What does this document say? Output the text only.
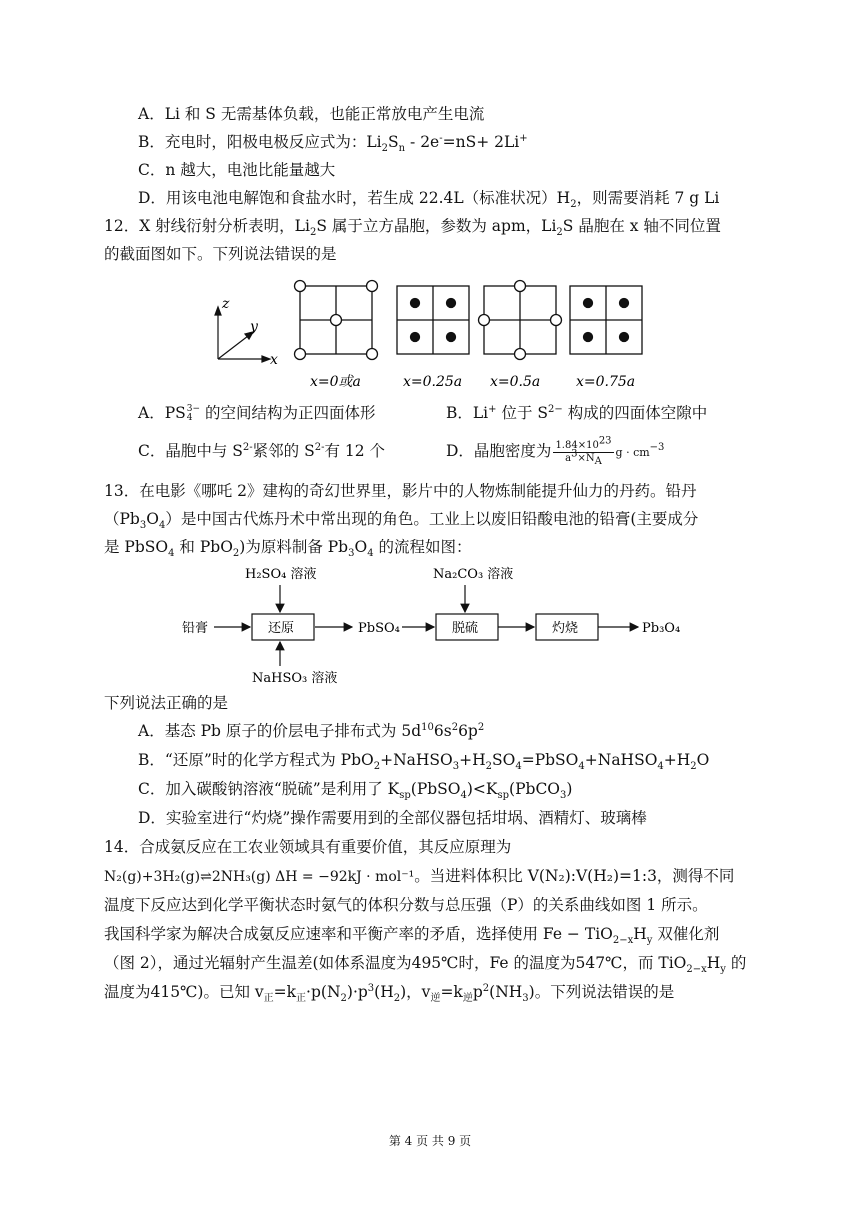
A．Li 和 S 无需基体负载，也能正常放电产生电流
B．充电时，阳极电极反应式为：$Li_2S_n - 2e^-=nS+ 2Li^+$
C．n 越大，电池比能量越大
D．用该电池电解饱和食盐水时，若生成 22.4L（标准状况）$H_2$，则需要消耗 7 g Li
12．X 射线衍射分析表明，$Li_2S$ 属于立方晶胞，参数为 apm，$Li_2S$ 晶胞在 x 轴不同位置
的截面图如下。下列说法错误的是
z
y
x
x=0或a	x=0.25a x=0.5a	x=0.75a
A．PS 3−
4 的空间结构为正四面体形	B．Li+ 位于 $S^{2-}$ 构成的四面体空隙中
C．晶胞中与 $S^{2-}$紧邻的 $S^{2-}$有 12 个	D．晶胞密度为 $\frac{1.84\times 10^{23}}{a^3\times N_A}$ $g \cdot cm^{-3}$
13．在电影《哪吒 2》建构的奇幻世界里，影片中的人物炼制能提升仙力的丹药。铅丹
$(Pb_3O_4)$是中国古代炼丹术中常出现的角色。工业上以废旧铅酸电池的铅膏(主要成分
是 PbSO$_4$ 和 PbO$_2$)为原料制备 $Pb_3O_4$ 的流程如图：
H₂SO₄ 溶液	Na₂CO₃ 溶液
NaHSO₃ 溶液
铅膏	PbSO₄	Pb₃O₄
还原	脱硫	灼烧
下列说法正确的是
A．基态 Pb 原子的价层电子排布式为 $5d^{10}6s^26p^2$
B．“还原”时的化学方程式为 $PbO_2+NaHSO_3+H_2SO_4=PbSO_4+NaHSO_4+H_2O$
C．加入碳酸钠溶液“脱硫”是利用了 $K_{sp}(PbSO_4)<K_{sp}(PbCO_3)$
D．实验室进行“灼烧”操作需要用到的全部仪器包括坩埚、酒精灯、玻璃棒
14．合成氨反应在工农业领域具有重要价值，其反应原理为
N₂(g)+3H₂(g)⇌2NH₃(g) ΔH = −92kJ · mol⁻¹。当进料体积比 V(N₂):V(H₂)=1:3，测得不同
温度下反应达到化学平衡状态时氨气的体积分数与总压强（P）的关系曲线如图 1 所示。
我国科学家为解决合成氨反应速率和平衡产率的矛盾，选择使用 $Fe - TiO_{2-x}H_y$ 双催化剂
（图 2），通过光辐射产生温差(如体系温度为495℃时，Fe 的温度为547℃，而 $TiO_{2-x}H_y$ 的
温度为415℃)。已知 $v_正=k_正\cdot p(N_2)\cdot p^3(H_2)$，$v_逆=k_逆p^2(NH_3)$。下列说法错误的是
第 4 页 共 9 页
